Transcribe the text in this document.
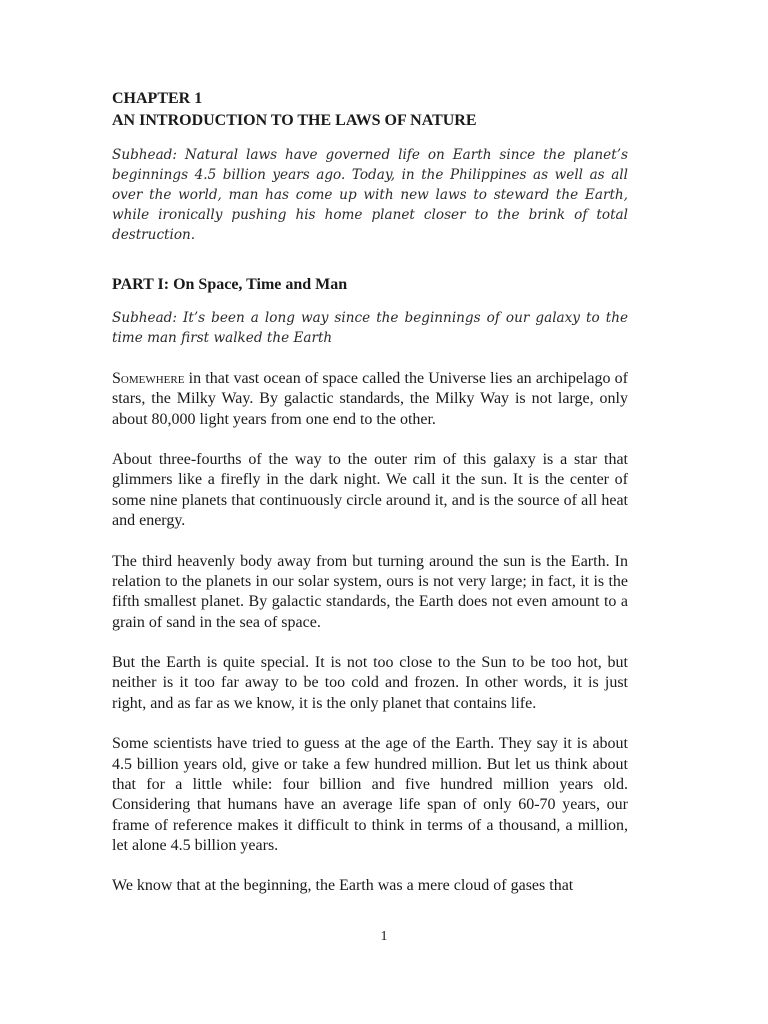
CHAPTER 1

AN INTRODUCTION TO THE LAWS OF NATURE

Subhead: Natural laws have governed life on Earth since the planet’s beginnings 4.5 billion years ago. Today, in the Philippines as well as all over the world, man has come up with new laws to steward the Earth, while ironically pushing his home planet closer to the brink of total destruction.

PART I: On Space, Time and Man

Subhead: It’s been a long way since the beginnings of our galaxy to the time man first walked the Earth

Somewhere in that vast ocean of space called the Universe lies an archipelago of stars, the Milky Way. By galactic standards, the Milky Way is not large, only about 80,000 light years from one end to the other.

About three-fourths of the way to the outer rim of this galaxy is a star that glimmers like a firefly in the dark night. We call it the sun. It is the center of some nine planets that continuously circle around it, and is the source of all heat and energy.

The third heavenly body away from but turning around the sun is the Earth. In relation to the planets in our solar system, ours is not very large; in fact, it is the fifth smallest planet. By galactic standards, the Earth does not even amount to a grain of sand in the sea of space.

But the Earth is quite special. It is not too close to the Sun to be too hot, but neither is it too far away to be too cold and frozen. In other words, it is just right, and as far as we know, it is the only planet that contains life.

Some scientists have tried to guess at the age of the Earth. They say it is about 4.5 billion years old, give or take a few hundred million. But let us think about that for a little while: four billion and five hundred million years old. Considering that humans have an average life span of only 60-70 years, our frame of reference makes it difficult to think in terms of a thousand, a million, let alone 4.5 billion years.

We know that at the beginning, the Earth was a mere cloud of gases that

1
